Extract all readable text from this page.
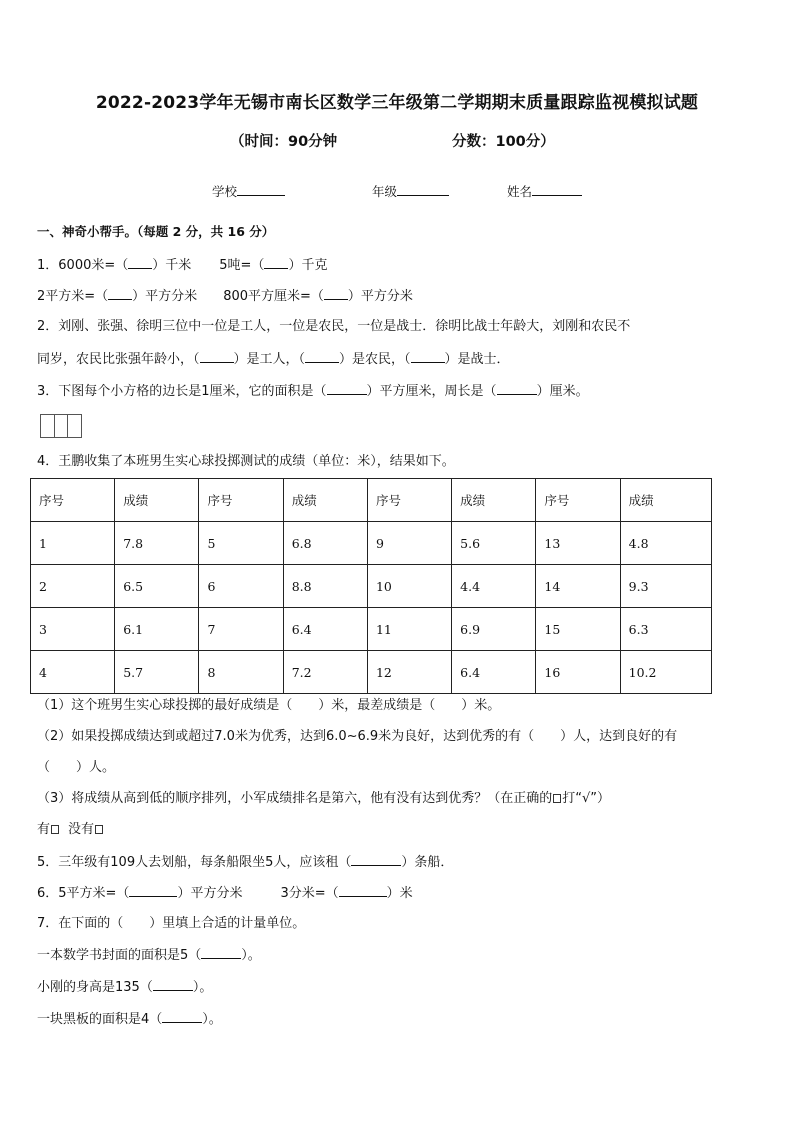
2022-2023学年无锡市南长区数学三年级第二学期期末质量跟踪监视模拟试题
（时间：90分钟	分数：100分）
学校	年级	姓名
一、神奇小帮手。（每题 2 分，共 16 分）
1．6000米=（ ）千米 5吨=（ ）千克
2平方米=（ ）平方分米 800平方厘米=（ ）平方分米
2．刘刚、张强、徐明三位中一位是工人，一位是农民，一位是战士．徐明比战士年龄大，刘刚和农民不
同岁，农民比张强年龄小，（	）是工人，（	）是农民，（	）是战士．
3．下图每个小方格的边长是1厘米，它的面积是（	）平方厘米，周长是（	）厘米。
4．王鹏收集了本班男生实心球投掷测试的成绩（单位：米），结果如下。
序号	成绩	序号	成绩	序号	成绩	序号	成绩
1	7.8	5	6.8	9	5.6	13	4.8
2	6.5	6	8.8	10	4.4	14	9.3
3	6.1	7	6.4	11	6.9	15	6.3
4	5.7	8	7.2	12	6.4	16	10.2
（1）这个班男生实心球投掷的最好成绩是（　　）米，最差成绩是（　　）米。
（2）如果投掷成绩达到或超过7.0米为优秀，达到6.0~6.9米为良好，达到优秀的有（　　）人，达到良好的有
（　　）人。
（3）将成绩从高到低的顺序排列，小军成绩排名是第六，他有没有达到优秀？（在正确的 打“√”）
有 没有
5．三年级有109人去划船，每条船限坐5人，应该租（	）条船．
6．5平方米=（	）平方分米	3分米=（	）米
7．在下面的（　　）里填上合适的计量单位。
一本数学书封面的面积是5（	）。
小刚的身高是135（	）。
一块黑板的面积是4（	）。
